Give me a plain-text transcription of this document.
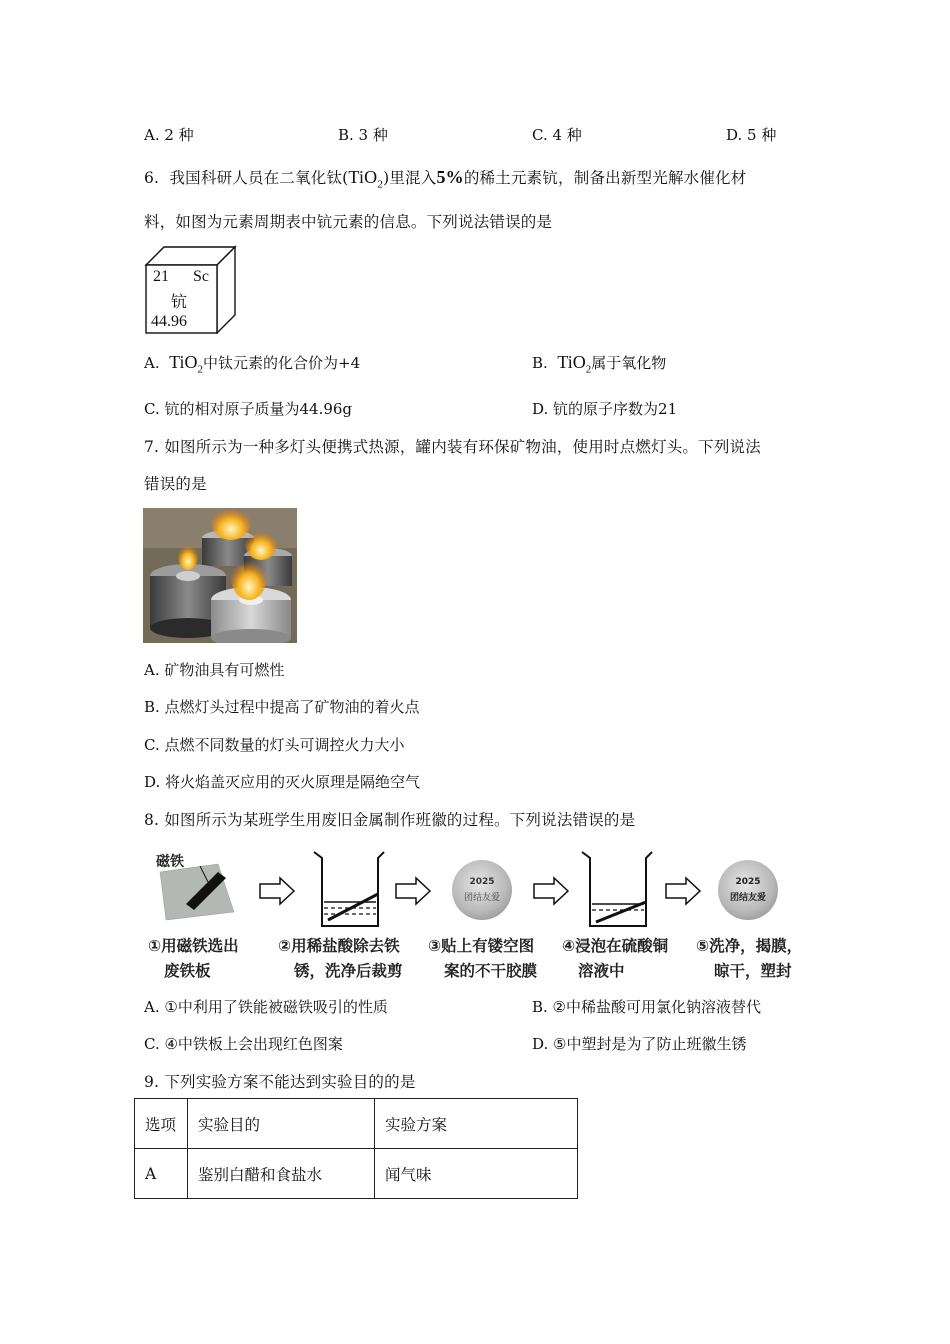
A. 2 种	B. 3 种	C. 4 种	D. 5 种
6. 我国科研人员在二氧化钛(TiO$_2$)里混入5%的稀土元素钪，制备出新型光解水催化材
料，如图为元素周期表中钪元素的信息。下列说法错误的是
21 Sc
钪
44.96
A. TiO$_2$中钛元素的化合价为+4	B. TiO$_2$属于氧化物
C. 钪的相对原子质量为44.96g	D. 钪的原子序数为21
7. 如图所示为一种多灯头便携式热源，罐内装有环保矿物油，使用时点燃灯头。下列说法
错误的是
A. 矿物油具有可燃性
B. 点燃灯头过程中提高了矿物油的着火点
C. 点燃不同数量的灯头可调控火力大小
D. 将火焰盖灭应用的灭火原理是隔绝空气
8. 如图所示为某班学生用废旧金属制作班徽的过程。下列说法错误的是
2025
团结友爱
2025
团结友爱
磁铁
①用磁铁选出
废铁板
②用稀盐酸除去铁
锈，洗净后裁剪
③贴上有镂空图
案的不干胶膜
④浸泡在硫酸铜
溶液中
⑤洗净，揭膜，
晾干，塑封
A. ①中利用了铁能被磁铁吸引的性质	B. ②中稀盐酸可用氯化钠溶液替代
C. ④中铁板上会出现红色图案	D. ⑤中塑封是为了防止班徽生锈
9. 下列实验方案不能达到实验目的的是
选项	实验目的	实验方案
A	鉴别白醋和食盐水	闻气味
